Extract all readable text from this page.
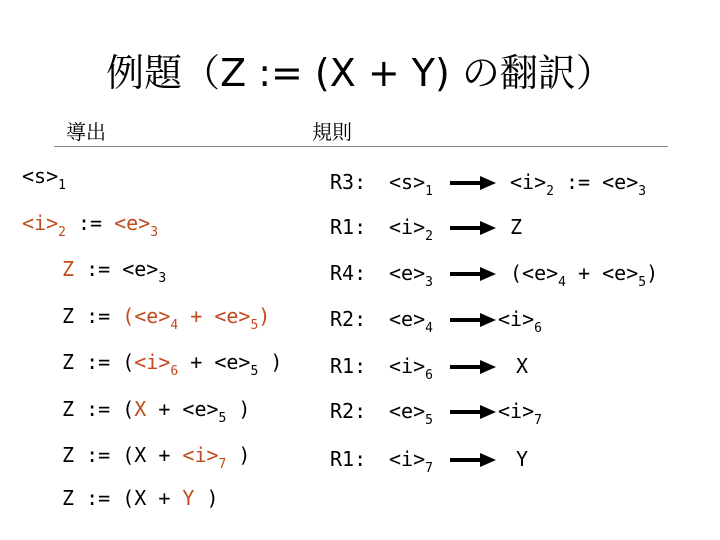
例題（Z := (X + Y) の翻訳）
導出	規則
$<s>_1$
$<i>_2$ := $<e>_3$
Z := $<e>_3$
Z := $(<e>_4 + <e>_5)$
Z := ($<i>_6 + <e>_5$ )
Z := ($X + <e>_5$ )
Z := ($X + <i>_7$ )
Z := (X + Y )
R3: $<s>_1$	$<i>_2$ := $<e>_3$
R1: $<i>_2$	Z
R4: $<e>_3$	$(<e>_4 + <e>_5)$
R2: $<e>_4$	$<i>_6$
R1: $<i>_6$	X
R2: $<e>_5$	$<i>_7$
R1: $<i>_7$	Y
